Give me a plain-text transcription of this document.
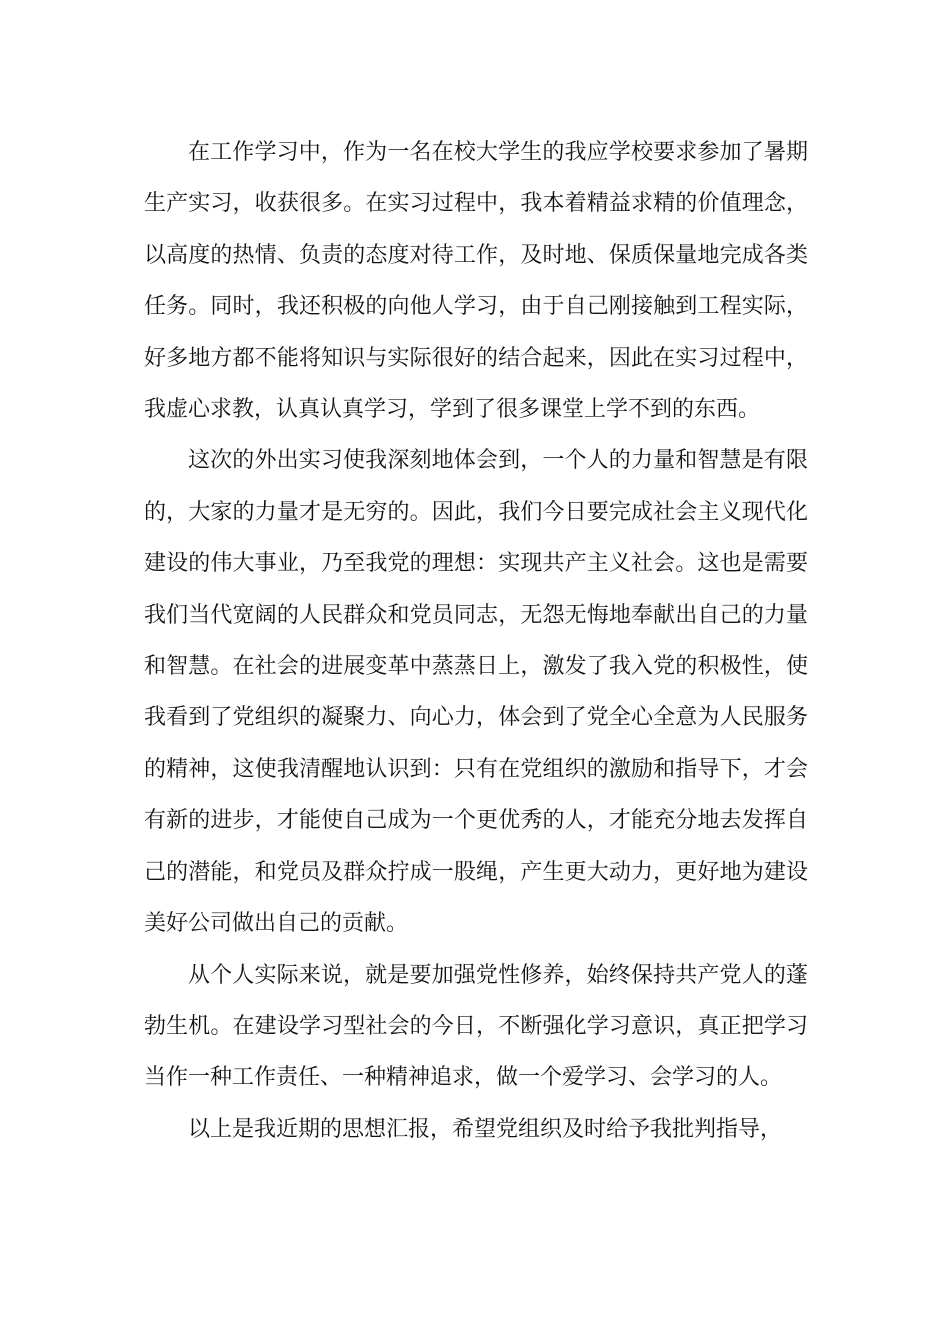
在工作学习中，作为一名在校大学生的我应学校要求参加了暑期生产实习，收获很多。在实习过程中，我本着精益求精的价值理念，以高度的热情、负责的态度对待工作，及时地、保质保量地完成各类任务。同时，我还积极的向他人学习，由于自己刚接触到工程实际，好多地方都不能将知识与实际很好的结合起来，因此在实习过程中，我虚心求教，认真认真学习，学到了很多课堂上学不到的东西。

这次的外出实习使我深刻地体会到，一个人的力量和智慧是有限的，大家的力量才是无穷的。因此，我们今日要完成社会主义现代化建设的伟大事业，乃至我党的理想：实现共产主义社会。这也是需要我们当代宽阔的人民群众和党员同志，无怨无悔地奉献出自己的力量和智慧。在社会的进展变革中蒸蒸日上，激发了我入党的积极性，使我看到了党组织的凝聚力、向心力，体会到了党全心全意为人民服务的精神，这使我清醒地认识到：只有在党组织的激励和指导下，才会有新的进步，才能使自己成为一个更优秀的人，才能充分地去发挥自己的潜能，和党员及群众拧成一股绳，产生更大动力，更好地为建设美好公司做出自己的贡献。

从个人实际来说，就是要加强党性修养，始终保持共产党人的蓬勃生机。在建设学习型社会的今日，不断强化学习意识，真正把学习当作一种工作责任、一种精神追求，做一个爱学习、会学习的人。

以上是我近期的思想汇报，希望党组织及时给予我批判指导，
